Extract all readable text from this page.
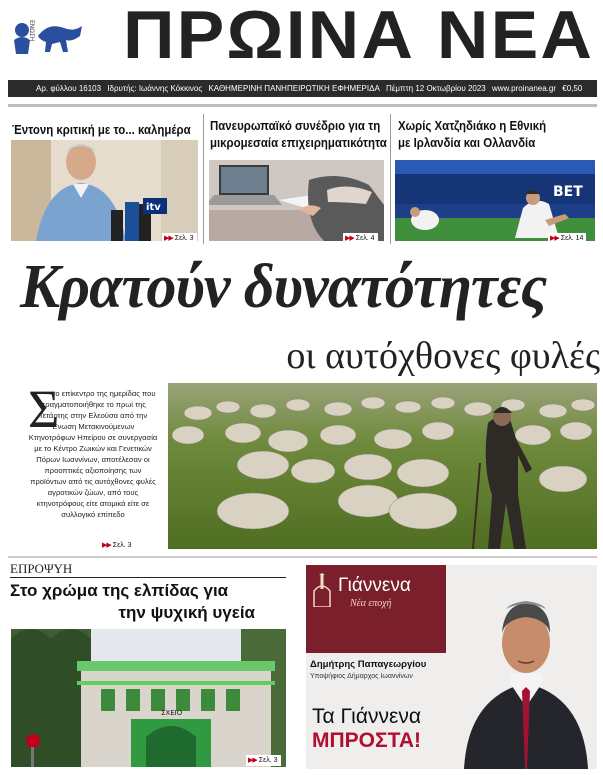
ΕΝΩΣΗ	ΠΡΩΙΝΑ ΝΕΑ
Αρ. φύλλου 16103 Ιδρυτής: Ιωάννης Κόκκινος ΚΑΘΗΜΕΡΙΝΗ ΠΑΝΗΠΕΙΡΩΤΙΚΗ ΕΦΗΜΕΡΙΔΑ Πέμπτη 12 Οκτωβρίου 2023 www.proinanea.gr €0,50
Έντονη κριτική με το... καλημέρα
itv
▶▶ Σελ. 3
Πανευρωπαϊκό συνέδριο για τη
μικρομεσαία επιχειρηματικότητα
▶▶ Σελ. 4
Χωρίς Χατζηδιάκο η Εθνική
με Ιρλανδία και Ολλανδία
BET
▶▶ Σελ. 14
Κρατούν δυνατότητες
οι αυτόχθονες φυλές
Σ
το επίκεντρο της ημερίδας που πραγματοποιήθηκε το πρωί της Τετάρτης στην Ελεούσα από την Ένωση Μετακινούμενων Κτηνοτρόφων Ηπείρου σε συνεργασία με το Κέντρο Ζωικών και Γενετικών Πόρων Ιωαννίνων, αποτέλεσαν οι προοπτικές αξιοποίησης των προϊόντων από τις αυτόχθονες φυλές αγροτικών ζώων, από τους κτηνοτρόφους είτε ατομικά είτε σε συλλογικό επίπεδο
▶▶ Σελ. 3
ΕΠΡΟΨΥΗ
Στο χρώμα της ελπίδας για
την ψυχική υγεία
ΣΧΕΙΟ
▶▶ Σελ. 3
Γιάννενα
Νέα εποχή
Δημήτρης Παπαγεωργίου
Υποψήφιος Δήμαρχος Ιωαννίνων
Τα Γιάννενα
ΜΠΡΟΣΤΑ!
